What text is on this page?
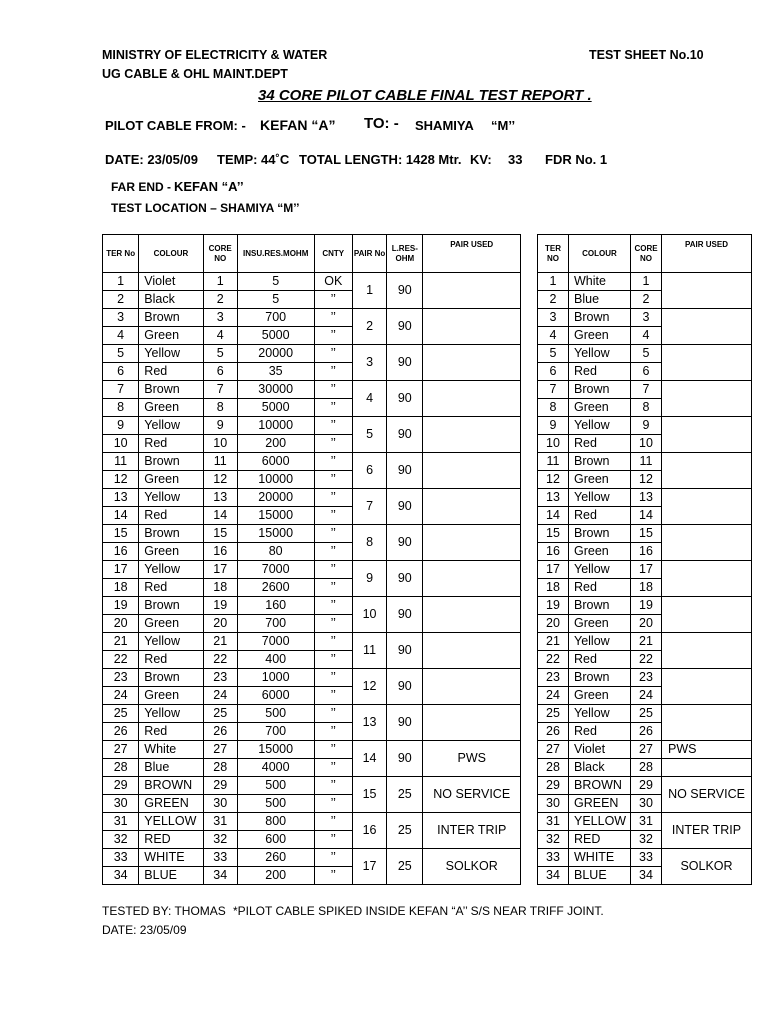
MINISTRY OF ELECTRICITY & WATER
UG CABLE & OHL MAINT.DEPT
TEST SHEET No.10
34 CORE PILOT CABLE FINAL TEST REPORT .
PILOT CABLE FROM: - KEFAN “A” TO: - SHAMIYA “M’’
DATE: 23/05/09 TEMP: 44˚C TOTAL LENGTH: 1428 Mtr. KV: 33 FDR No. 1
FAR END - KEFAN “A’’
TEST LOCATION – SHAMIYA “M’’
TER No	COLOUR	CORE NO	INSU.RES.MOHM	CNTY	PAIR No	L.RES-OHM	PAIR USED
1	Violet	1	5	OK	1	90	
2	Black	2	5	’’			
3	Brown	3	700	’’	2	90	
4	Green	4	5000	’’			
5	Yellow	5	20000	’’	3	90	
6	Red	6	35	’’			
7	Brown	7	30000	’’	4	90	
8	Green	8	5000	’’			
9	Yellow	9	10000	’’	5	90	
10	Red	10	200	’’			
11	Brown	11	6000	’’	6	90	
12	Green	12	10000	’’			
13	Yellow	13	20000	’’	7	90	
14	Red	14	15000	’’			
15	Brown	15	15000	’’	8	90	
16	Green	16	80	’’			
17	Yellow	17	7000	’’	9	90	
18	Red	18	2600	’’			
19	Brown	19	160	’’	10	90	
20	Green	20	700	’’			
21	Yellow	21	7000	’’	11	90	
22	Red	22	400	’’			
23	Brown	23	1000	’’	12	90	
24	Green	24	6000	’’			
25	Yellow	25	500	’’	13	90	
26	Red	26	700	’’			
27	White	27	15000	’’	14	90	PWS
28	Blue	28	4000	’’			
29	BROWN	29	500	’’	15	25	NO SERVICE
30	GREEN	30	500	’’			
31	YELLOW	31	800	’’	16	25	INTER TRIP
32	RED	32	600	’’			
33	WHITE	33	260	’’	17	25	SOLKOR
34	BLUE	34	200	’’			
TER NO	COLOUR	CORE NO	PAIR USED
1	White	1	
2	Blue	2	
3	Brown	3	
4	Green	4	
5	Yellow	5	
6	Red	6	
7	Brown	7	
8	Green	8	
9	Yellow	9	
10	Red	10	
11	Brown	11	
12	Green	12	
13	Yellow	13	
14	Red	14	
15	Brown	15	
16	Green	16	
17	Yellow	17	
18	Red	18	
19	Brown	19	
20	Green	20	
21	Yellow	21	
22	Red	22	
23	Brown	23	
24	Green	24	
25	Yellow	25	
26	Red	26	
27	Violet	27	PWS
28	Black	28	
29	BROWN	29	NO SERVICE
30	GREEN	30	
31	YELLOW	31	INTER TRIP
32	RED	32	
33	WHITE	33	SOLKOR
34	BLUE	34	
TESTED BY: THOMAS *PILOT CABLE SPIKED INSIDE KEFAN “A’’ S/S NEAR TRIFF JOINT.
DATE: 23/05/09
